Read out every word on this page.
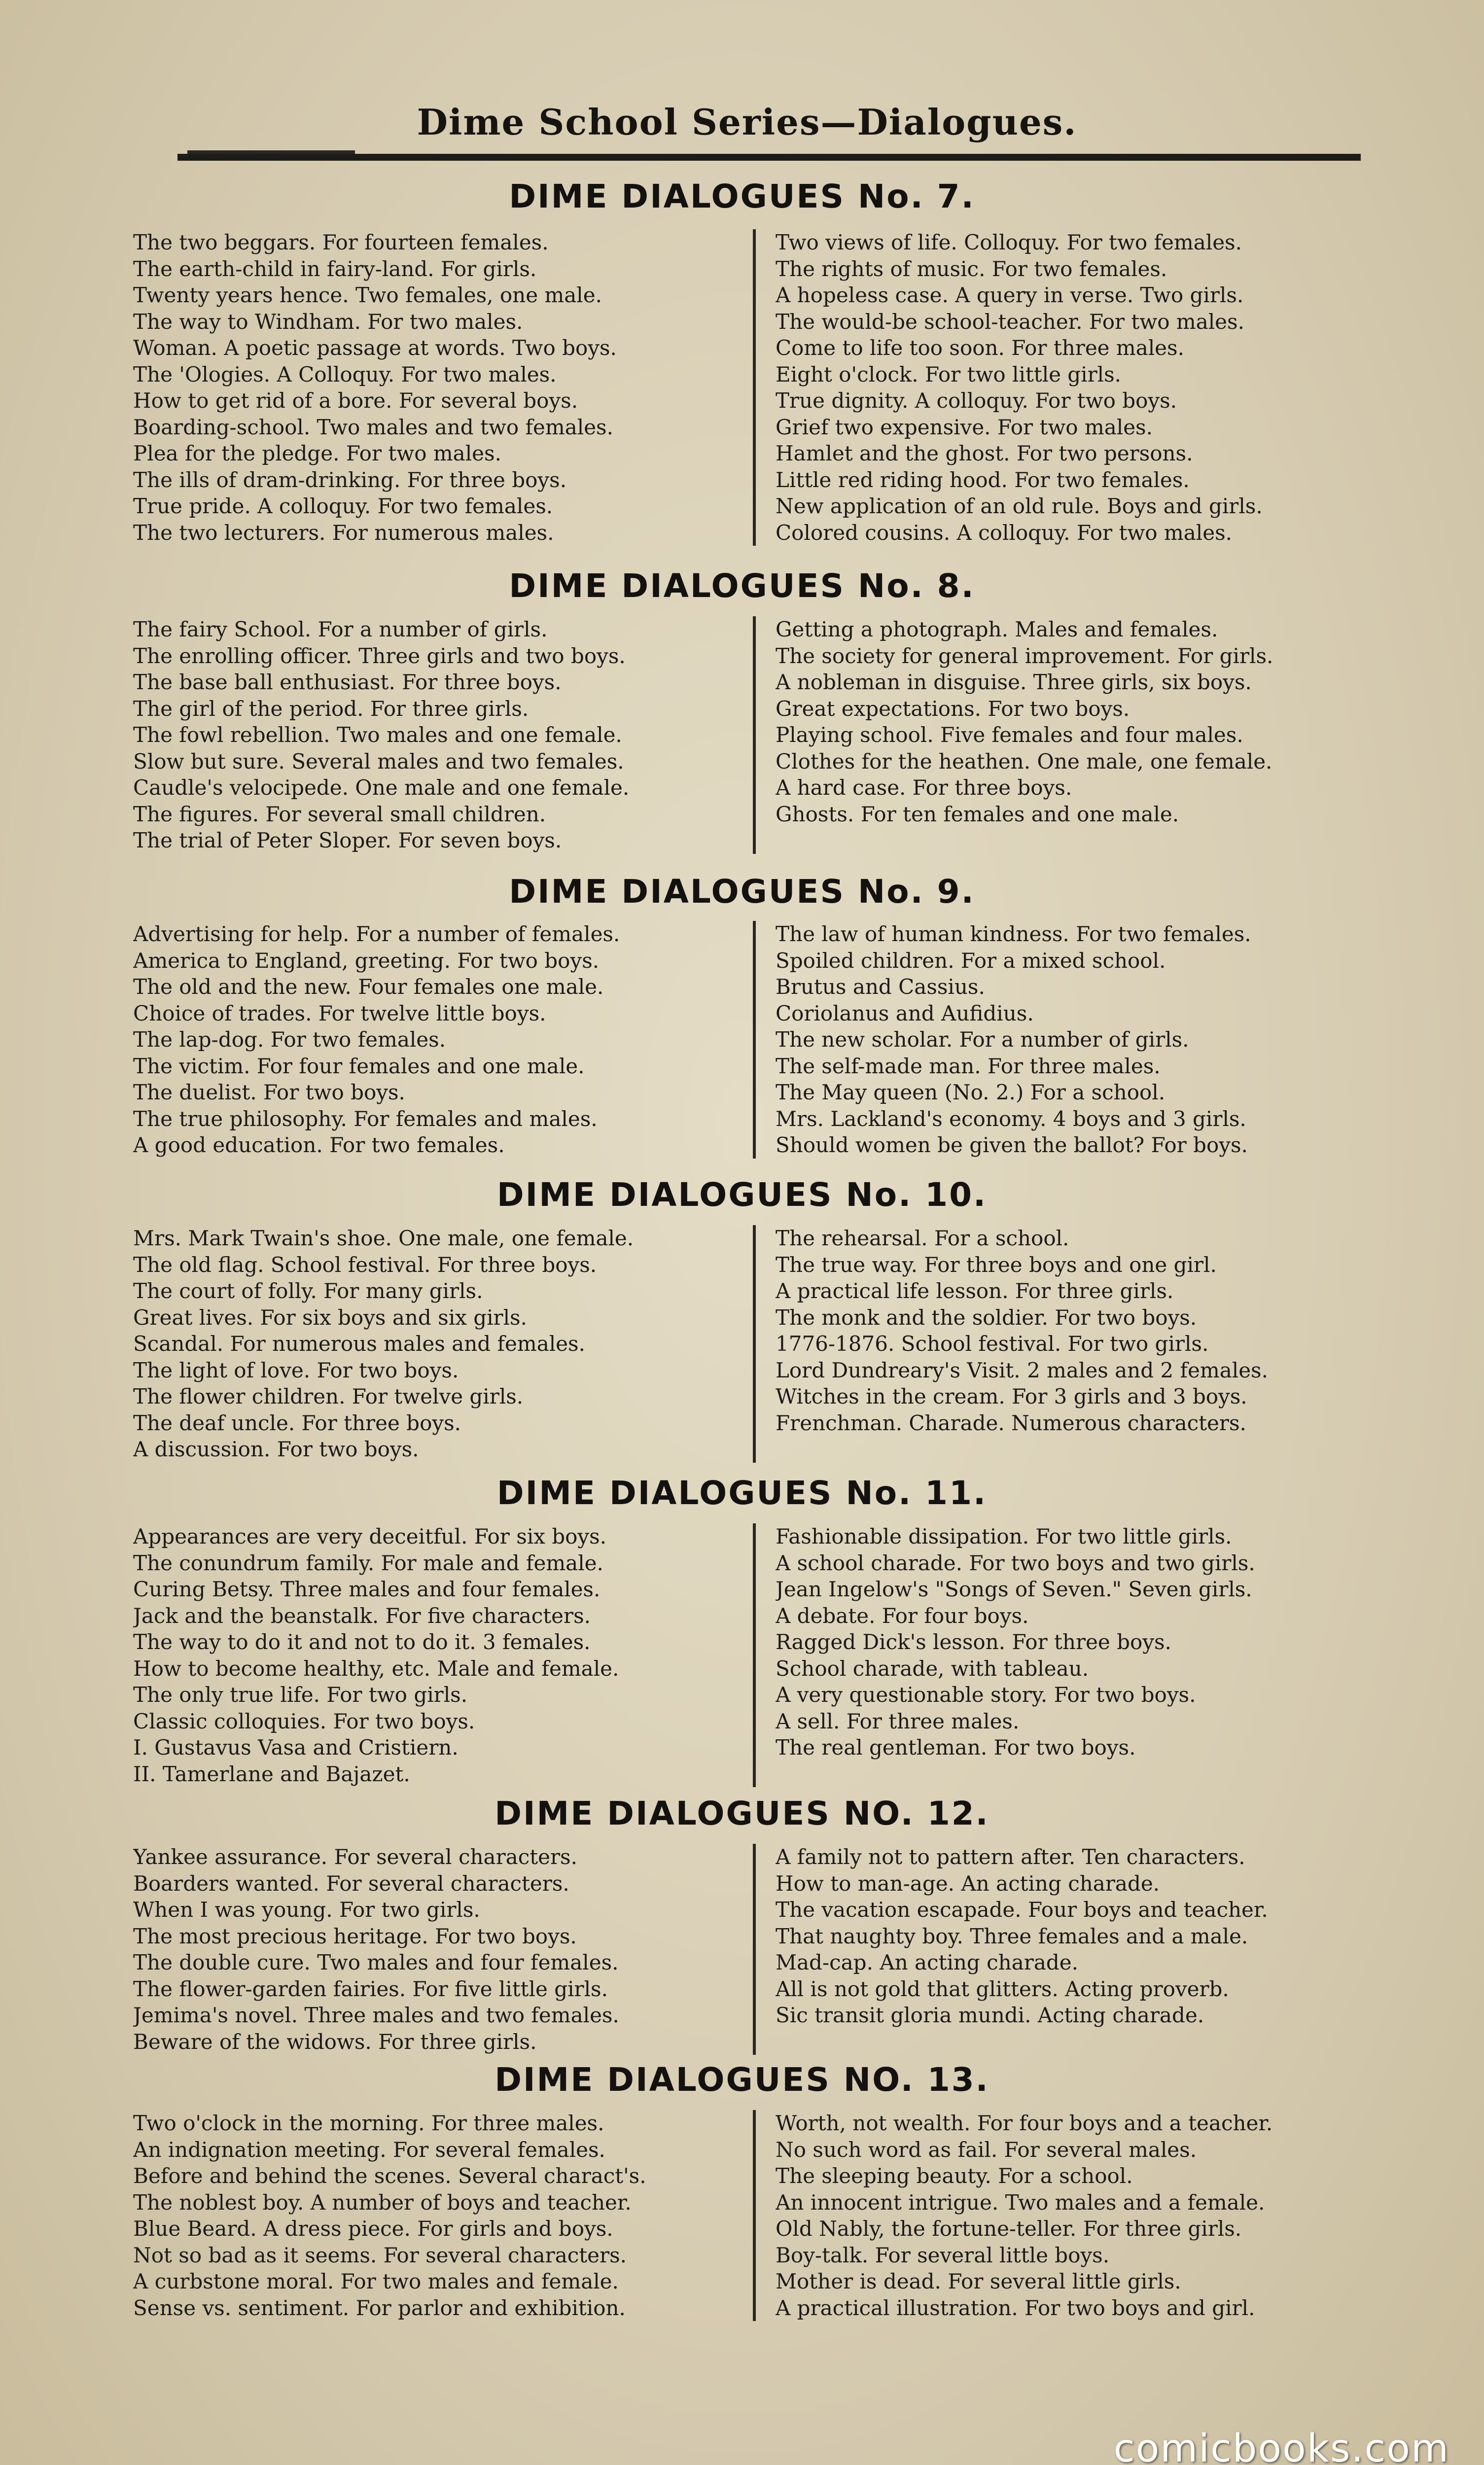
Dime School Series—Dialogues.
DIME DIALOGUES No. 7.
The two beggars. For fourteen females.
The earth-child in fairy-land. For girls.
Twenty years hence. Two females, one male.
The way to Windham. For two males.
Woman. A poetic passage at words. Two boys.
The 'Ologies. A Colloquy. For two males.
How to get rid of a bore. For several boys.
Boarding-school. Two males and two females.
Plea for the pledge. For two males.
The ills of dram-drinking. For three boys.
True pride. A colloquy. For two females.
The two lecturers. For numerous males.
Two views of life. Colloquy. For two females.
The rights of music. For two females.
A hopeless case. A query in verse. Two girls.
The would-be school-teacher. For two males.
Come to life too soon. For three males.
Eight o'clock. For two little girls.
True dignity. A colloquy. For two boys.
Grief two expensive. For two males.
Hamlet and the ghost. For two persons.
Little red riding hood. For two females.
New application of an old rule. Boys and girls.
Colored cousins. A colloquy. For two males.
DIME DIALOGUES No. 8.
The fairy School. For a number of girls.
The enrolling officer. Three girls and two boys.
The base ball enthusiast. For three boys.
The girl of the period. For three girls.
The fowl rebellion. Two males and one female.
Slow but sure. Several males and two females.
Caudle's velocipede. One male and one female.
The figures. For several small children.
The trial of Peter Sloper. For seven boys.
Getting a photograph. Males and females.
The society for general improvement. For girls.
A nobleman in disguise. Three girls, six boys.
Great expectations. For two boys.
Playing school. Five females and four males.
Clothes for the heathen. One male, one female.
A hard case. For three boys.
Ghosts. For ten females and one male.
DIME DIALOGUES No. 9.
Advertising for help. For a number of females.
America to England, greeting. For two boys.
The old and the new. Four females one male.
Choice of trades. For twelve little boys.
The lap-dog. For two females.
The victim. For four females and one male.
The duelist. For two boys.
The true philosophy. For females and males.
A good education. For two females.
The law of human kindness. For two females.
Spoiled children. For a mixed school.
Brutus and Cassius.
Coriolanus and Aufidius.
The new scholar. For a number of girls.
The self-made man. For three males.
The May queen (No. 2.) For a school.
Mrs. Lackland's economy. 4 boys and 3 girls.
Should women be given the ballot? For boys.
DIME DIALOGUES No. 10.
Mrs. Mark Twain's shoe. One male, one female.
The old flag. School festival. For three boys.
The court of folly. For many girls.
Great lives. For six boys and six girls.
Scandal. For numerous males and females.
The light of love. For two boys.
The flower children. For twelve girls.
The deaf uncle. For three boys.
A discussion. For two boys.
The rehearsal. For a school.
The true way. For three boys and one girl.
A practical life lesson. For three girls.
The monk and the soldier. For two boys.
1776-1876. School festival. For two girls.
Lord Dundreary's Visit. 2 males and 2 females.
Witches in the cream. For 3 girls and 3 boys.
Frenchman. Charade. Numerous characters.
DIME DIALOGUES No. 11.
Appearances are very deceitful. For six boys.
The conundrum family. For male and female.
Curing Betsy. Three males and four females.
Jack and the beanstalk. For five characters.
The way to do it and not to do it. 3 females.
How to become healthy, etc. Male and female.
The only true life. For two girls.
Classic colloquies. For two boys.
I. Gustavus Vasa and Cristiern.
II. Tamerlane and Bajazet.
Fashionable dissipation. For two little girls.
A school charade. For two boys and two girls.
Jean Ingelow's "Songs of Seven." Seven girls.
A debate. For four boys.
Ragged Dick's lesson. For three boys.
School charade, with tableau.
A very questionable story. For two boys.
A sell. For three males.
The real gentleman. For two boys.
DIME DIALOGUES NO. 12.
Yankee assurance. For several characters.
Boarders wanted. For several characters.
When I was young. For two girls.
The most precious heritage. For two boys.
The double cure. Two males and four females.
The flower-garden fairies. For five little girls.
Jemima's novel. Three males and two females.
Beware of the widows. For three girls.
A family not to pattern after. Ten characters.
How to man-age. An acting charade.
The vacation escapade. Four boys and teacher.
That naughty boy. Three females and a male.
Mad-cap. An acting charade.
All is not gold that glitters. Acting proverb.
Sic transit gloria mundi. Acting charade.
DIME DIALOGUES NO. 13.
Two o'clock in the morning. For three males.
An indignation meeting. For several females.
Before and behind the scenes. Several charact's.
The noblest boy. A number of boys and teacher.
Blue Beard. A dress piece. For girls and boys.
Not so bad as it seems. For several characters.
A curbstone moral. For two males and female.
Sense vs. sentiment. For parlor and exhibition.
Worth, not wealth. For four boys and a teacher.
No such word as fail. For several males.
The sleeping beauty. For a school.
An innocent intrigue. Two males and a female.
Old Nably, the fortune-teller. For three girls.
Boy-talk. For several little boys.
Mother is dead. For several little girls.
A practical illustration. For two boys and girl.
comicbooks.com
